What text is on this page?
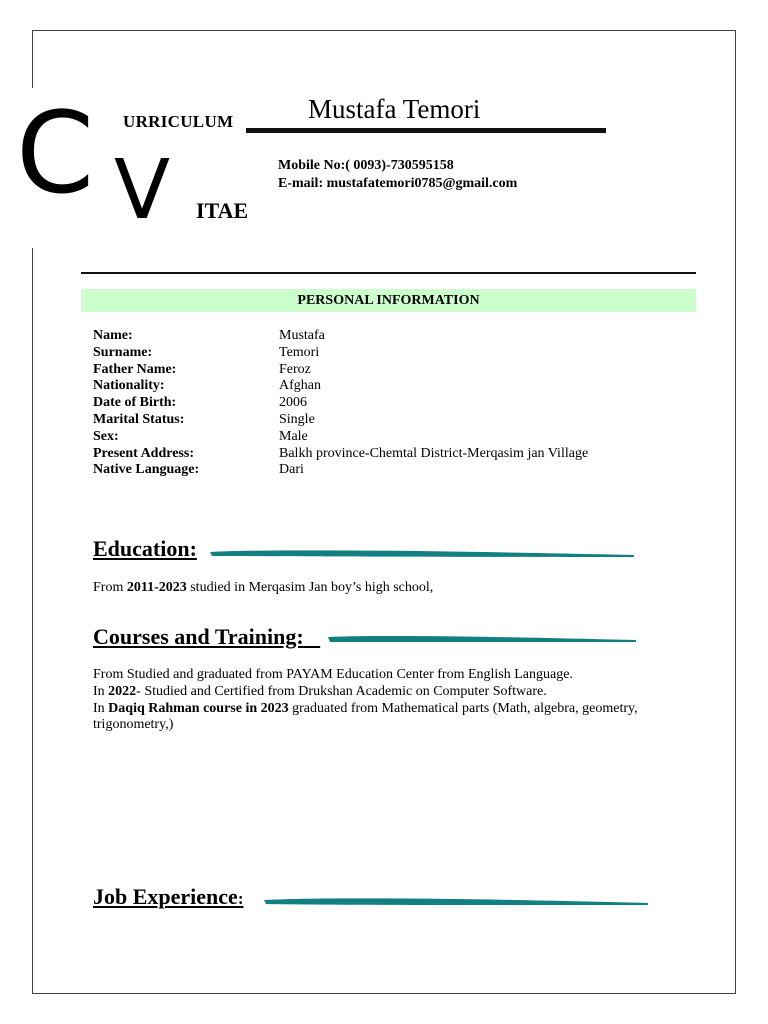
C V
URRICULUM
ITAE
Mustafa Temori
Mobile No:( 0093)-730595158
E-mail: mustafatemori0785@gmail.com
PERSONAL INFORMATION
Name:	Mustafa
Surname:	Temori
Father Name:	Feroz
Nationality:	Afghan
Date of Birth:	2006
Marital Status:	Single
Sex:	Male
Present Address:	Balkh province-Chemtal District-Merqasim jan Village
Native Language:	Dari
Education:
From 2011-2023 studied in Merqasim Jan boy’s high school,
Courses and Training:
From Studied and graduated from PAYAM Education Center from English Language.
In 2022- Studied and Certified from Drukshan Academic on Computer Software.
In Daqiq Rahman course in 2023 graduated from Mathematical parts (Math, algebra, geometry, trigonometry,)
Job Experience:
